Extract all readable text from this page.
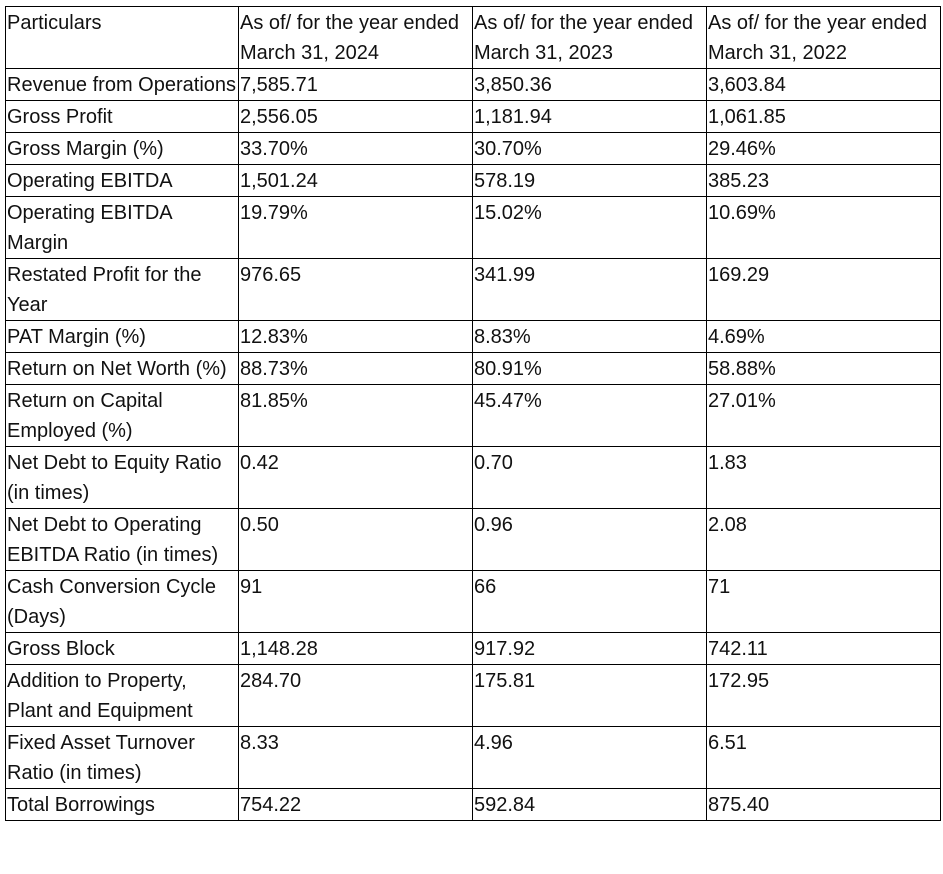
Particulars	As of/ for the year ended March 31, 2024	As of/ for the year ended March 31, 2023	As of/ for the year ended March 31, 2022
Revenue from Operations	7,585.71	3,850.36	3,603.84
Gross Profit	2,556.05	1,181.94	1,061.85
Gross Margin (%)	33.70%	30.70%	29.46%
Operating EBITDA	1,501.24	578.19	385.23
Operating EBITDA Margin	19.79%	15.02%	10.69%
Restated Profit for the Year	976.65	341.99	169.29
PAT Margin (%)	12.83%	8.83%	4.69%
Return on Net Worth (%)	88.73%	80.91%	58.88%
Return on Capital Employed (%)	81.85%	45.47%	27.01%
Net Debt to Equity Ratio (in times)	0.42	0.70	1.83
Net Debt to Operating EBITDA Ratio (in times)	0.50	0.96	2.08
Cash Conversion Cycle (Days)	91	66	71
Gross Block	1,148.28	917.92	742.11
Addition to Property, Plant and Equipment	284.70	175.81	172.95
Fixed Asset Turnover Ratio (in times)	8.33	4.96	6.51
Total Borrowings	754.22	592.84	875.40
